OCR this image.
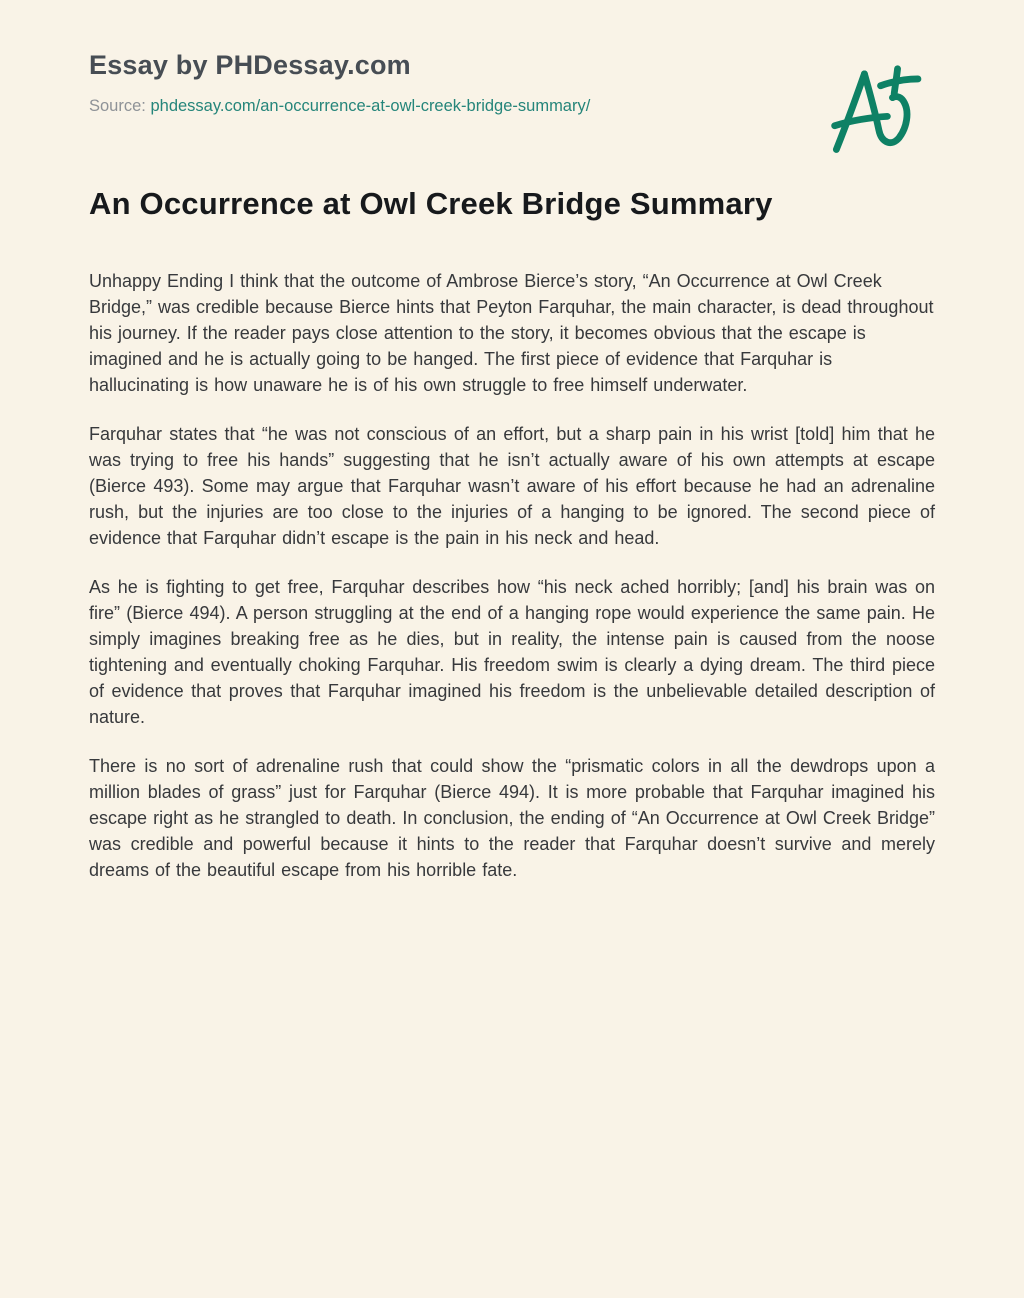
Essay by PHDessay.com
Source: phdessay.com/an-occurrence-at-owl-creek-bridge-summary/
An Occurrence at Owl Creek Bridge Summary

Unhappy Ending I think that the outcome of Ambrose Bierce’s story, “An Occurrence at Owl Creek Bridge,” was credible because Bierce hints that Peyton Farquhar, the main character, is dead throughout his journey. If the reader pays close attention to the story, it becomes obvious that the escape is imagined and he is actually going to be hanged. The first piece of evidence that Farquhar is hallucinating is how unaware he is of his own struggle to free himself underwater.

Farquhar states that “he was not conscious of an effort, but a sharp pain in his wrist [told] him that he was trying to free his hands” suggesting that he isn’t actually aware of his own attempts at escape (Bierce 493). Some may argue that Farquhar wasn’t aware of his effort because he had an adrenaline rush, but the injuries are too close to the injuries of a hanging to be ignored. The second piece of evidence that Farquhar didn’t escape is the pain in his neck and head.

As he is fighting to get free, Farquhar describes how “his neck ached horribly; [and] his brain was on fire” (Bierce 494). A person struggling at the end of a hanging rope would experience the same pain. He simply imagines breaking free as he dies, but in reality, the intense pain is caused from the noose tightening and eventually choking Farquhar. His freedom swim is clearly a dying dream. The third piece of evidence that proves that Farquhar imagined his freedom is the unbelievable detailed description of nature.

There is no sort of adrenaline rush that could show the “prismatic colors in all the dewdrops upon a million blades of grass” just for Farquhar (Bierce 494). It is more probable that Farquhar imagined his escape right as he strangled to death. In conclusion, the ending of “An Occurrence at Owl Creek Bridge” was credible and powerful because it hints to the reader that Farquhar doesn’t survive and merely dreams of the beautiful escape from his horrible fate.
